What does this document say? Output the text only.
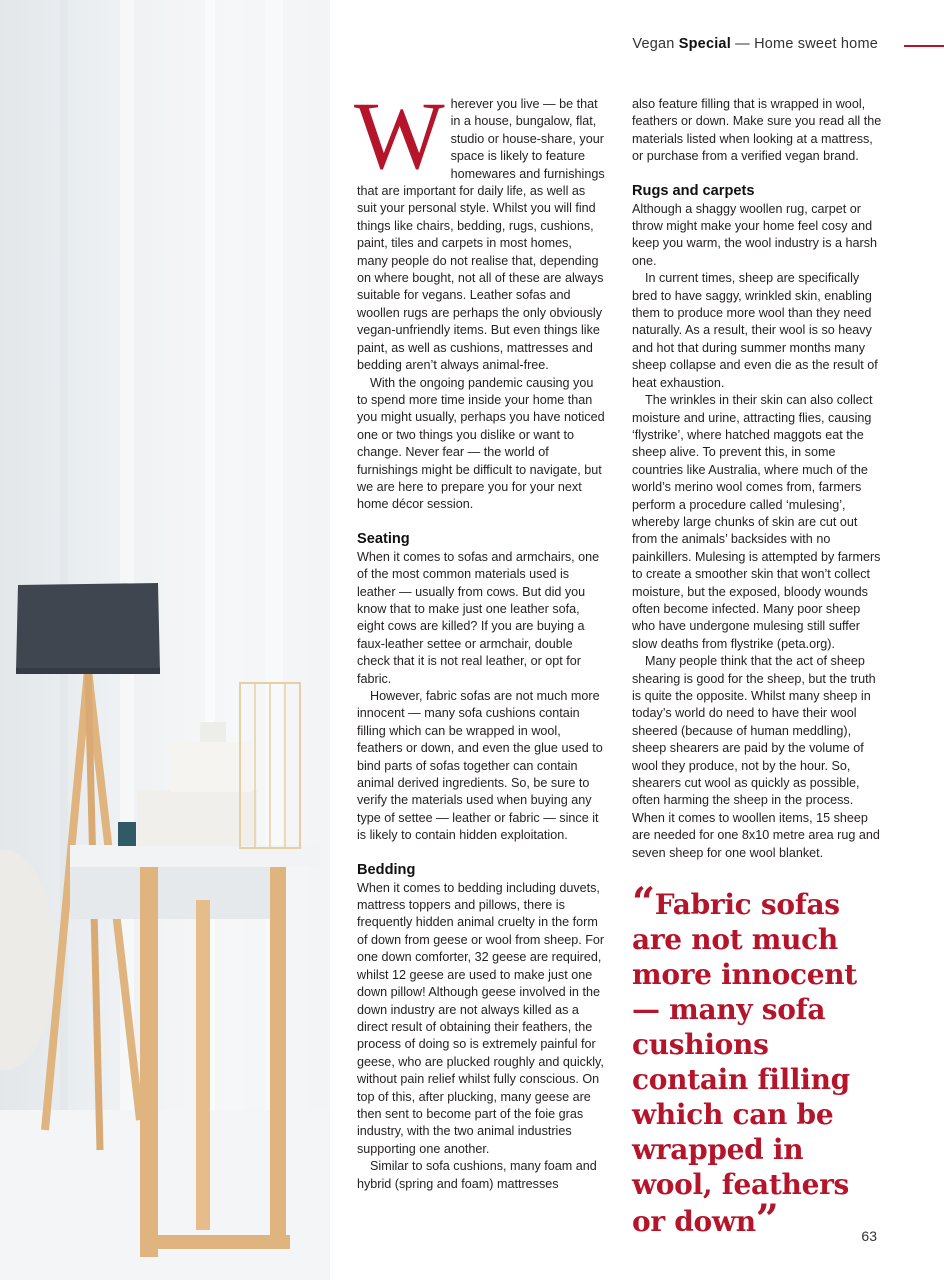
Vegan Special — Home sweet home

Wherever you live — be that in a house, bungalow, flat, studio or house-share, your space is likely to feature homewares and furnishings that are important for daily life, as well as suit your personal style. Whilst you will find things like chairs, bedding, rugs, cushions, paint, tiles and carpets in most homes, many people do not realise that, depending on where bought, not all of these are always suitable for vegans. Leather sofas and woollen rugs are perhaps the only obviously vegan-unfriendly items. But even things like paint, as well as cushions, mattresses and bedding aren’t always animal-free.

With the ongoing pandemic causing you to spend more time inside your home than you might usually, perhaps you have noticed one or two things you dislike or want to change. Never fear — the world of furnishings might be difficult to navigate, but we are here to prepare you for your next home décor session.

Seating

When it comes to sofas and armchairs, one of the most common materials used is leather — usually from cows. But did you know that to make just one leather sofa, eight cows are killed? If you are buying a faux-leather settee or armchair, double check that it is not real leather, or opt for fabric.

However, fabric sofas are not much more innocent — many sofa cushions contain filling which can be wrapped in wool, feathers or down, and even the glue used to bind parts of sofas together can contain animal derived ingredients. So, be sure to verify the materials used when buying any type of settee — leather or fabric — since it is likely to contain hidden exploitation.

Bedding

When it comes to bedding including duvets, mattress toppers and pillows, there is frequently hidden animal cruelty in the form of down from geese or wool from sheep. For one down comforter, 32 geese are required, whilst 12 geese are used to make just one down pillow! Although geese involved in the down industry are not always killed as a direct result of obtaining their feathers, the process of doing so is extremely painful for geese, who are plucked roughly and quickly, without pain relief whilst fully conscious. On top of this, after plucking, many geese are then sent to become part of the foie gras industry, with the two animal industries supporting one another.

Similar to sofa cushions, many foam and hybrid (spring and foam) mattresses

also feature filling that is wrapped in wool, feathers or down. Make sure you read all the materials listed when looking at a mattress, or purchase from a verified vegan brand.

Rugs and carpets

Although a shaggy woollen rug, carpet or throw might make your home feel cosy and keep you warm, the wool industry is a harsh one.

In current times, sheep are specifically bred to have saggy, wrinkled skin, enabling them to produce more wool than they need naturally. As a result, their wool is so heavy and hot that during summer months many sheep collapse and even die as the result of heat exhaustion.

The wrinkles in their skin can also collect moisture and urine, attracting flies, causing ‘flystrike’, where hatched maggots eat the sheep alive. To prevent this, in some countries like Australia, where much of the world’s merino wool comes from, farmers perform a procedure called ‘mulesing’, whereby large chunks of skin are cut out from the animals’ backsides with no painkillers. Mulesing is attempted by farmers to create a smoother skin that won’t collect moisture, but the exposed, bloody wounds often become infected. Many poor sheep who have undergone mulesing still suffer slow deaths from flystrike (peta.org).

Many people think that the act of sheep shearing is good for the sheep, but the truth is quite the opposite. Whilst many sheep in today’s world do need to have their wool sheered (because of human meddling), sheep shearers are paid by the volume of wool they produce, not by the hour. So, shearers cut wool as quickly as possible, often harming the sheep in the process. When it comes to woollen items, 15 sheep are needed for one 8x10 metre area rug and seven sheep for one wool blanket.

“Fabric sofas are not much more innocent — many sofa cushions contain filling which can be wrapped in wool, feathers or down”	63
